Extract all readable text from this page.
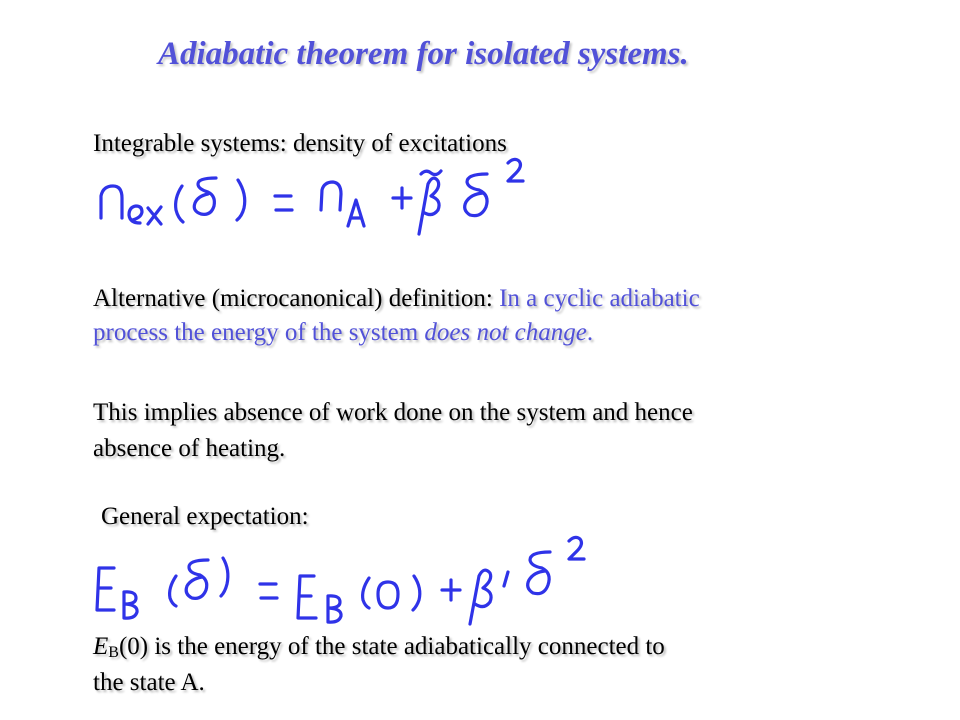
Adiabatic theorem for isolated systems.
Integrable systems: density of excitations
Alternative (microcanonical) definition: In a cyclic adiabatic
process the energy of the system does not change.
This implies absence of work done on the system and hence
absence of heating.
General expectation:
$E_B(0)$ is the energy of the state adiabatically connected to
the state A.
